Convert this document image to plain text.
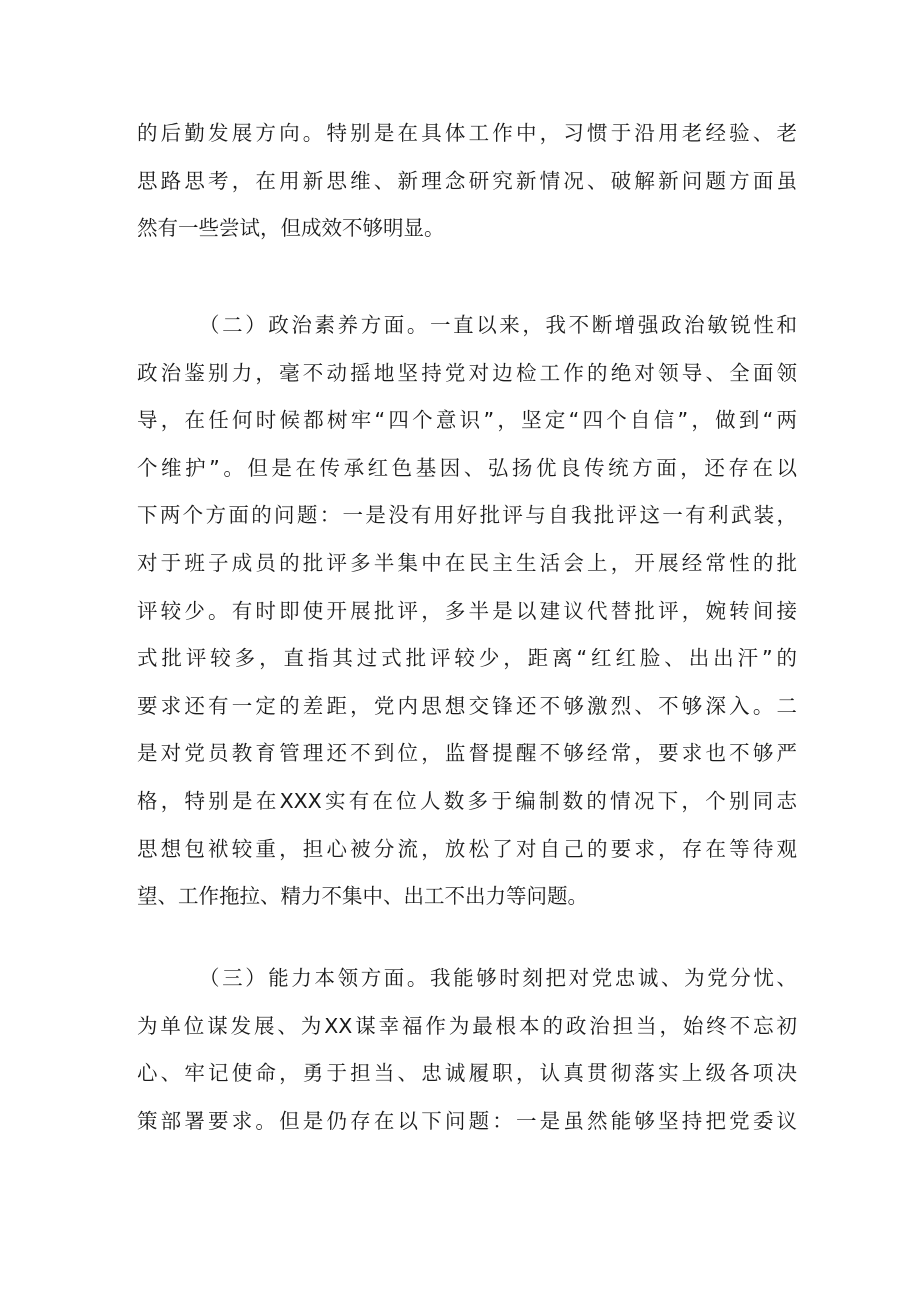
的后勤发展方向。特别是在具体工作中，习惯于沿用老经验、老
思路思考，在用新思维、新理念研究新情况、破解新问题方面虽
然有一些尝试，但成效不够明显。
（二）政治素养方面。一直以来，我不断增强政治敏锐性和
政治鉴别力，毫不动摇地坚持党对边检工作的绝对领导、全面领
导，在任何时候都树牢“四个意识”，坚定“四个自信”，做到“两
个维护”。但是在传承红色基因、弘扬优良传统方面，还存在以
下两个方面的问题：一是没有用好批评与自我批评这一有利武装，
对于班子成员的批评多半集中在民主生活会上，开展经常性的批
评较少。有时即使开展批评，多半是以建议代替批评，婉转间接
式批评较多，直指其过式批评较少，距离“红红脸、出出汗”的
要求还有一定的差距，党内思想交锋还不够激烈、不够深入。二
是对党员教育管理还不到位，监督提醒不够经常，要求也不够严
格，特别是在XXX实有在位人数多于编制数的情况下，个别同志
思想包袱较重，担心被分流，放松了对自己的要求，存在等待观
望、工作拖拉、精力不集中、出工不出力等问题。
（三）能力本领方面。我能够时刻把对党忠诚、为党分忧、
为单位谋发展、为XX谋幸福作为最根本的政治担当，始终不忘初
心、牢记使命，勇于担当、忠诚履职，认真贯彻落实上级各项决
策部署要求。但是仍存在以下问题：一是虽然能够坚持把党委议
